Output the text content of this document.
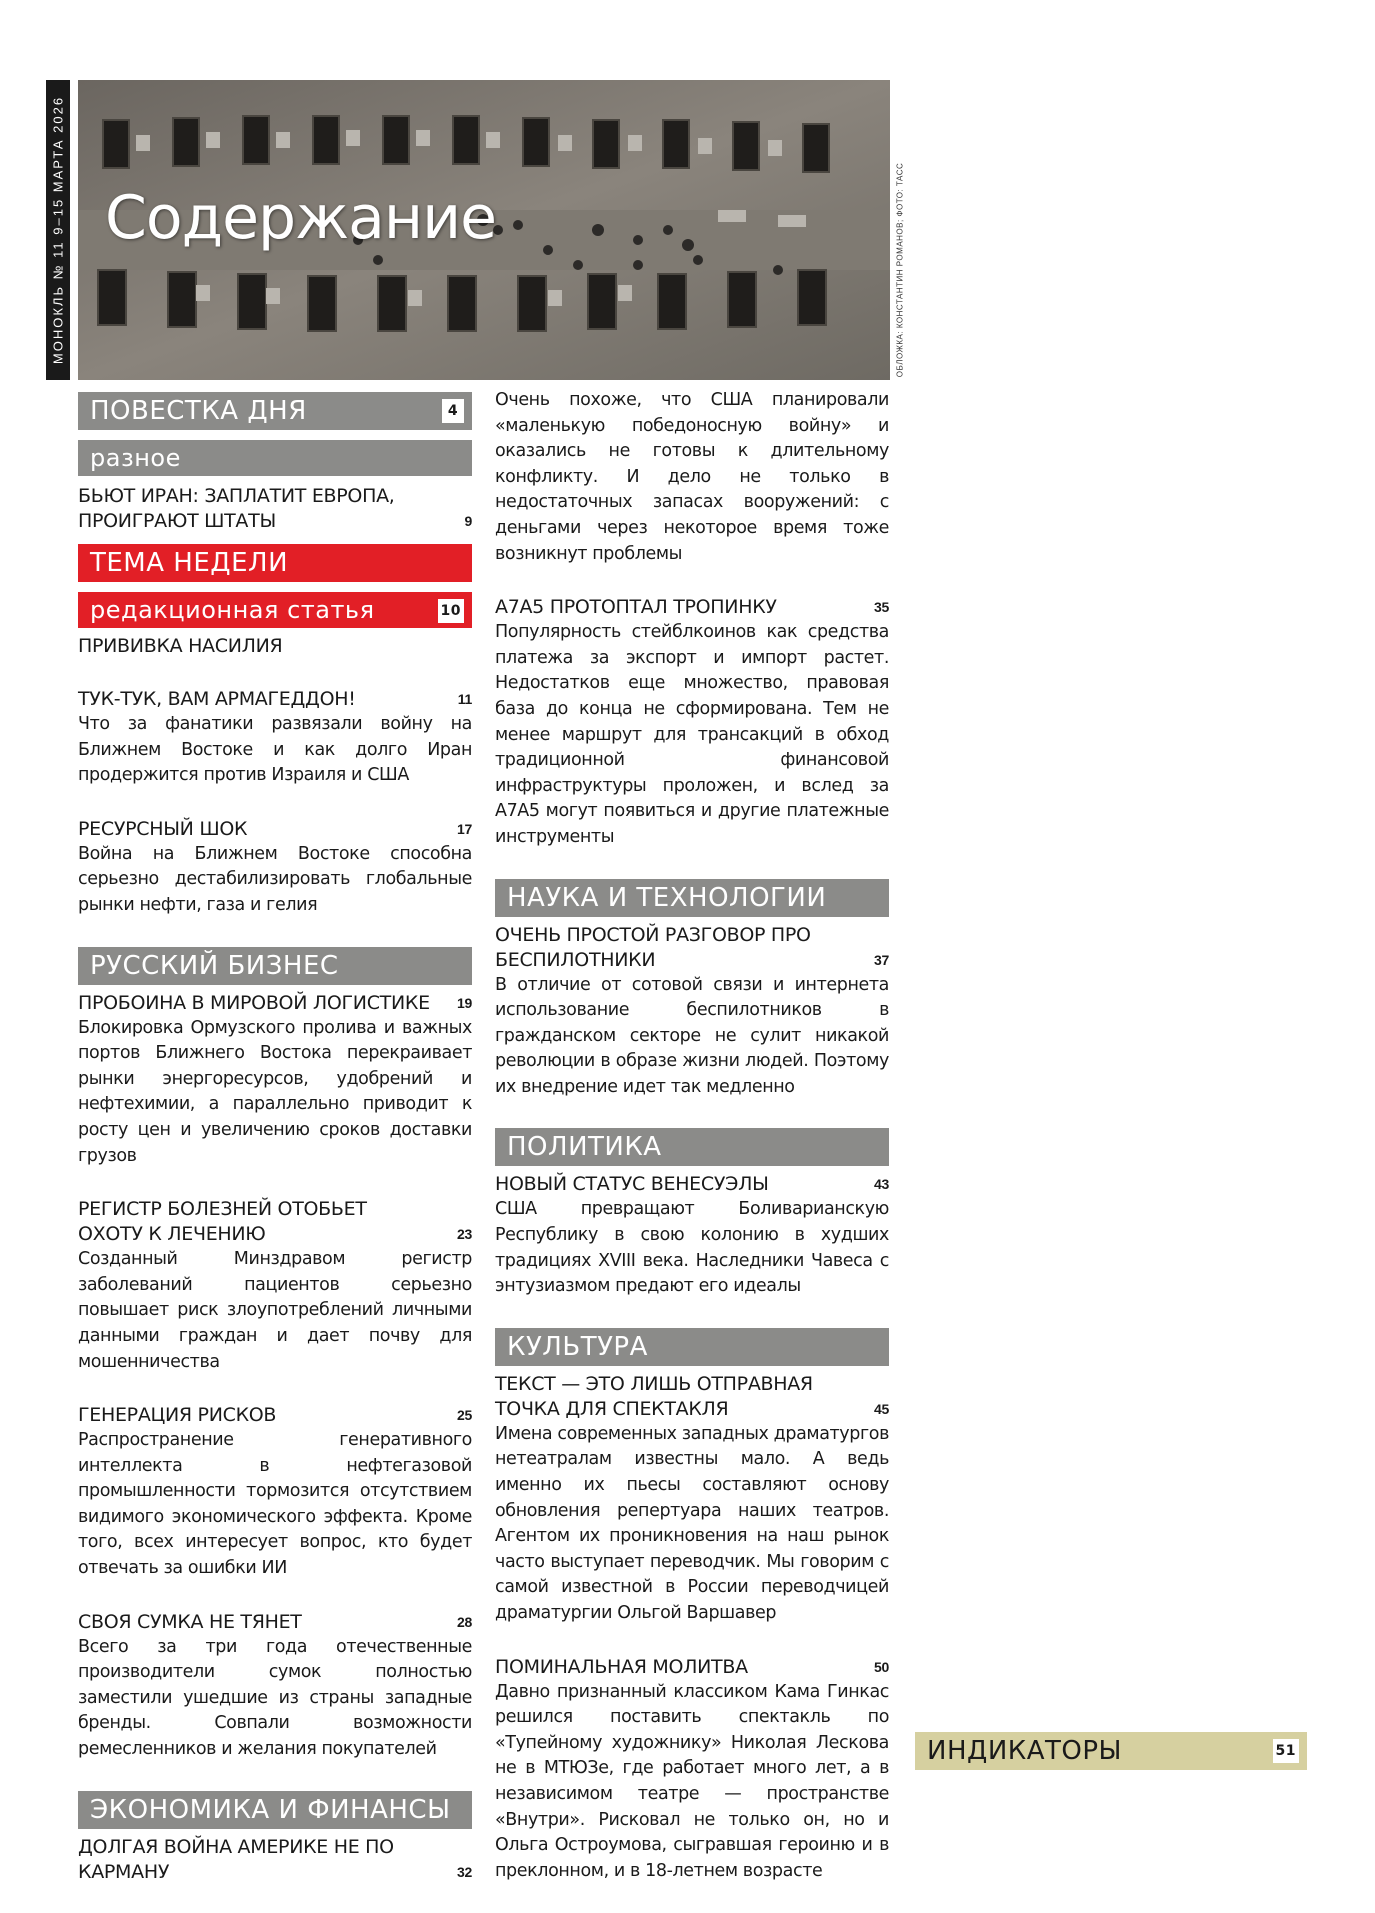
МОНОКЛЬ № 11 9–15 МАРТА 2026 Содержание	ОБЛОЖКА: КОНСТАНТИН РОМАНОВ; ФОТО: ТАСС
ПОВЕСТКА ДНЯ	4
разное
БЬЮТ ИРАН: ЗАПЛАТИТ ЕВРОПА, ПРОИГРАЮТ ШТАТЫ	9
ТЕМА НЕДЕЛИ
редакционная статья	10
ПРИВИВКА НАСИЛИЯ
ТУК-ТУК, ВАМ АРМАГЕДДОН!	11
Что за фанатики развязали войну на Ближнем Востоке и как долго Иран продержится против Израиля и США
РЕСУРСНЫЙ ШОК	17
Война на Ближнем Востоке способна серьезно дестабилизировать глобальные рынки нефти, газа и гелия
РУССКИЙ БИЗНЕС
ПРОБОИНА В МИРОВОЙ ЛОГИСТИКЕ 19
Блокировка Ормузского пролива и важных портов Ближнего Востока перекраивает рынки энергоресурсов, удобрений и нефтехимии, а параллельно приводит к росту цен и увеличению сроков доставки грузов
РЕГИСТР БОЛЕЗНЕЙ ОТОБЬЕТ ОХОТУ К ЛЕЧЕНИЮ	23
Созданный Минздравом регистр заболеваний пациентов серьезно повышает риск злоупотреблений личными данными граждан и дает почву для мошенничества
ГЕНЕРАЦИЯ РИСКОВ	25
Распространение генеративного интеллекта в нефтегазовой промышленности тормозится отсутствием видимого экономического эффекта. Кроме того, всех интересует вопрос, кто будет отвечать за ошибки ИИ
СВОЯ СУМКА НЕ ТЯНЕТ	28
Всего за три года отечественные производители сумок полностью заместили ушедшие из страны западные бренды. Совпали возможности ремесленников и желания покупателей
ЭКОНОМИКА И ФИНАНСЫ
ДОЛГАЯ ВОЙНА АМЕРИКЕ НЕ ПО КАРМАНУ	32
Очень похоже, что США планировали «маленькую победоносную войну» и оказались не готовы к длительному конфликту. И дело не только в недостаточных запасах вооружений: с деньгами через некоторое время тоже возникнут проблемы
A7A5 ПРОТОПТАЛ ТРОПИНКУ	35
Популярность стейблкоинов как средства платежа за экспорт и импорт растет. Недостатков еще множество, правовая база до конца не сформирована. Тем не менее маршрут для трансакций в обход традиционной финансовой инфраструктуры проложен, и вслед за A7A5 могут появиться и другие платежные инструменты
НАУКА И ТЕХНОЛОГИИ
ОЧЕНЬ ПРОСТОЙ РАЗГОВОР ПРО БЕСПИЛОТНИКИ	37
В отличие от сотовой связи и интернета использование беспилотников в гражданском секторе не сулит никакой революции в образе жизни людей. Поэтому их внедрение идет так медленно
ПОЛИТИКА
НОВЫЙ СТАТУС ВЕНЕСУЭЛЫ	43
США превращают Боливарианскую Республику в свою колонию в худших традициях XVIII века. Наследники Чавеса с энтузиазмом предают его идеалы
КУЛЬТУРА
ТЕКСТ — ЭТО ЛИШЬ ОТПРАВНАЯ ТОЧКА ДЛЯ СПЕКТАКЛЯ	45
Имена современных западных драматургов нетеатралам известны мало. А ведь именно их пьесы составляют основу обновления репертуара наших театров. Агентом их проникновения на наш рынок часто выступает переводчик. Мы говорим с самой известной в России переводчицей драматургии Ольгой Варшавер
ПОМИНАЛЬНАЯ МОЛИТВА	50
Давно признанный классиком Кама Гинкас решился поставить спектакль по «Тупейному художнику» Николая Лескова не в МТЮЗе, где работает много лет, а в независимом театре — пространстве «Внутри». Рисковал не только он, но и Ольга Остроумова, сыгравшая героиню и в преклонном, и в 18-летнем возрасте
ИНДИКАТОРЫ	51
